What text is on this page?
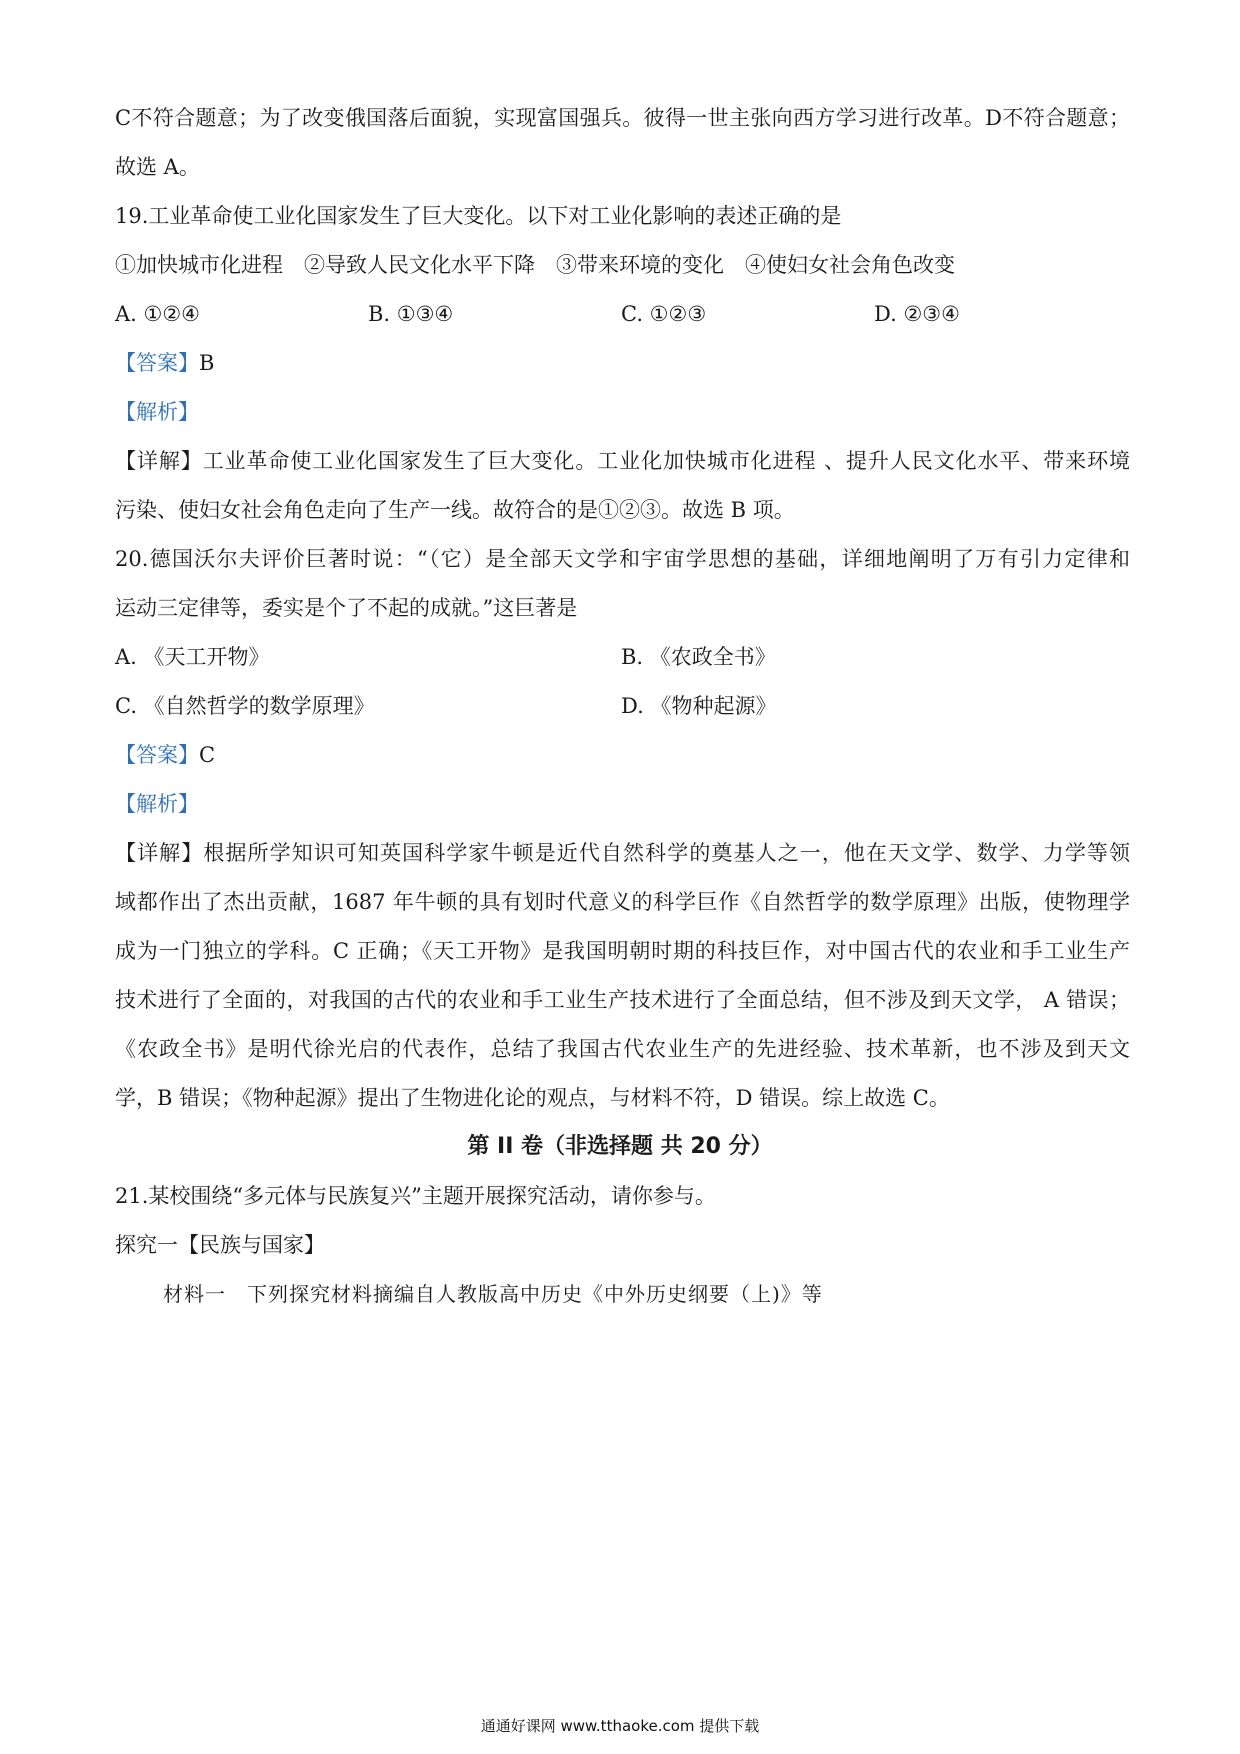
C不符合题意；为了改变俄国落后面貌，实现富国强兵。彼得一世主张向西方学习进行改革。D不符合题意；
故选 A。
19.工业革命使工业化国家发生了巨大变化。以下对工业化影响的表述正确的是
①加快城市化进程　②导致人民文化水平下降　③带来环境的变化　④使妇女社会角色改变
A. ①②④	B. ①③④	C. ①②③	D. ②③④
【答案】B
【解析】
【详解】工业革命使工业化国家发生了巨大变化。工业化加快城市化进程 、提升人民文化水平、带来环境
污染、使妇女社会角色走向了生产一线。故符合的是①②③。故选 B 项。
20.德国沃尔夫评价巨著时说：“（它）是全部天文学和宇宙学思想的基础，详细地阐明了万有引力定律和
运动三定律等，委实是个了不起的成就。”这巨著是
A. 《天工开物》	B. 《农政全书》
C. 《自然哲学的数学原理》	D. 《物种起源》
【答案】C
【解析】
【详解】根据所学知识可知英国科学家牛顿是近代自然科学的奠基人之一，他在天文学、数学、力学等领
域都作出了杰出贡献，1687 年牛顿的具有划时代意义的科学巨作《自然哲学的数学原理》出版，使物理学
成为一门独立的学科。C 正确；《天工开物》是我国明朝时期的科技巨作，对中国古代的农业和手工业生产
技术进行了全面的，对我国的古代的农业和手工业生产技术进行了全面总结，但不涉及到天文学， A 错误；
《农政全书》是明代徐光启的代表作，总结了我国古代农业生产的先进经验、技术革新，也不涉及到天文
学，B 错误；《物种起源》提出了生物进化论的观点，与材料不符，D 错误。综上故选 C。
第 II 卷（非选择题 共 20 分）
21.某校围绕“多元体与民族复兴”主题开展探究活动，请你参与。
探究一【民族与国家】
材料一　下列探究材料摘编自人教版高中历史《中外历史纲要（上)》等
通通好课网 www.tthaoke.com 提供下载
